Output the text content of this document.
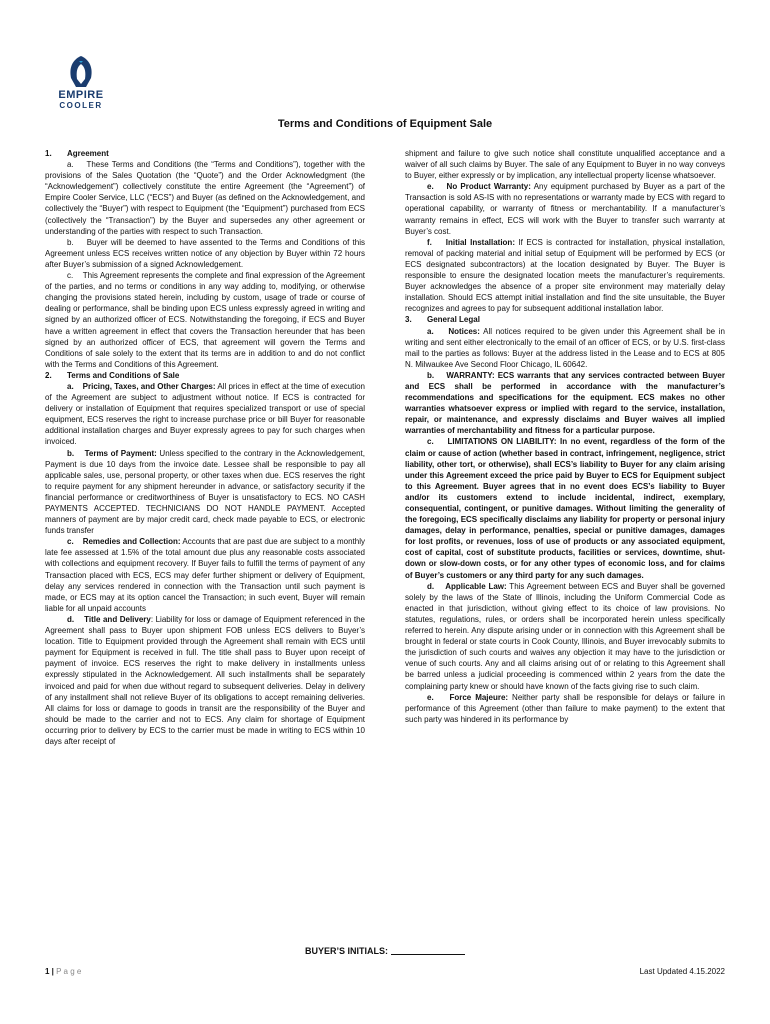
EMPIRE
COOLER
Terms and Conditions of Equipment Sale

1. Agreement

a.    These Terms and Conditions (the “Terms and Conditions”), together with the provisions of the Sales Quotation (the “Quote”) and the Order Acknowledgment (the “Acknowledgement”) collectively constitute the entire Agreement (the “Agreement”) of Empire Cooler Service, LLC (“ECS”) and Buyer (as defined on the Acknowledgement, and collectively the “Buyer”) with respect to Equipment (the “Equipment”) purchased from ECS (collectively the “Transaction”) by the Buyer and supersedes any other agreement or understanding of the parties with respect to such Transaction.

b.    Buyer will be deemed to have assented to the Terms and Conditions of this Agreement unless ECS receives written notice of any objection by Buyer within 72 hours after Buyer’s submission of a signed Acknowledgement.

c.    This Agreement represents the complete and final expression of the Agreement of the parties, and no terms or conditions in any way adding to, modifying, or otherwise changing the provisions stated herein, including by custom, usage of trade or course of dealing or performance, shall be binding upon ECS unless expressly agreed in writing and signed by an authorized officer of ECS. Notwithstanding the foregoing, if ECS and Buyer have a written agreement in effect that covers the Transaction hereunder that has been signed by an authorized officer of ECS, that agreement will govern the Terms and Conditions of sale solely to the extent that its terms are in addition to and do not conflict with the Terms and Conditions of this Agreement.

2. Terms and Conditions of Sale

a.    Pricing, Taxes, and Other Charges: All prices in effect at the time of execution of the Agreement are subject to adjustment without notice. If ECS is contracted for delivery or installation of Equipment that requires specialized transport or use of special equipment, ECS reserves the right to increase purchase price or bill Buyer for reasonable additional installation charges and Buyer expressly agrees to pay for such charges when invoiced.

b.    Terms of Payment: Unless specified to the contrary in the Acknowledgement, Payment is due 10 days from the invoice date. Lessee shall be responsible to pay all applicable sales, use, personal property, or other taxes when due. ECS reserves the right to require payment for any shipment hereunder in advance, or satisfactory security if the financial performance or creditworthiness of Buyer is unsatisfactory to ECS. NO CASH PAYMENTS ACCEPTED. TECHNICIANS DO NOT HANDLE PAYMENT. Accepted manners of payment are by major credit card, check made payable to ECS, or electronic funds transfer

c.    Remedies and Collection: Accounts that are past due are subject to a monthly late fee assessed at 1.5% of the total amount due plus any reasonable costs associated with collections and equipment recovery. If Buyer fails to fulfill the terms of payment of any Transaction placed with ECS, ECS may defer further shipment or delivery of Equipment, delay any services rendered in connection with the Transaction until such payment is made, or ECS may at its option cancel the Transaction; in such event, Buyer will remain liable for all unpaid accounts

d.    Title and Delivery: Liability for loss or damage of Equipment referenced in the Agreement shall pass to Buyer upon shipment FOB unless ECS delivers to Buyer’s location. Title to Equipment provided through the Agreement shall remain with ECS until payment for Equipment is received in full. The title shall pass to Buyer upon receipt of payment of invoice. ECS reserves the right to make delivery in installments unless expressly stipulated in the Acknowledgement. All such installments shall be separately invoiced and paid for when due without regard to subsequent deliveries. Delay in delivery of any installment shall not relieve Buyer of its obligations to accept remaining deliveries. All claims for loss or damage to goods in transit are the responsibility of the Buyer and should be made to the carrier and not to ECS. Any claim for shortage of Equipment occurring prior to delivery by ECS to the carrier must be made in writing to ECS within 10 days after receipt of

shipment and failure to give such notice shall constitute unqualified acceptance and a waiver of all such claims by Buyer. The sale of any Equipment to Buyer in no way conveys to Buyer, either expressly or by implication, any intellectual property license whatsoever.

e.    No Product Warranty: Any equipment purchased by Buyer as a part of the Transaction is sold AS-IS with no representations or warranty made by ECS with regard to operational capability, or warranty of fitness or merchantability. If a manufacturer’s warranty remains in effect, ECS will work with the Buyer to transfer such warranty at Buyer’s cost.

f.    Initial Installation: If ECS is contracted for installation, physical installation, removal of packing material and initial setup of Equipment will be performed by ECS (or ECS designated subcontractors) at the location designated by Buyer. The Buyer is responsible to ensure the designated location meets the manufacturer’s requirements. Buyer acknowledges the absence of a proper site environment may materially delay installation. Should ECS attempt initial installation and find the site unsuitable, the Buyer recognizes and agrees to pay for subsequent additional installation labor.

3. General Legal

a.    Notices: All notices required to be given under this Agreement shall be in writing and sent either electronically to the email of an officer of ECS, or by U.S. first-class mail to the parties as follows: Buyer at the address listed in the Lease and to ECS at 805 N. Milwaukee Ave Second Floor Chicago, IL 60642.

b.    WARRANTY: ECS warrants that any services contracted between Buyer and ECS shall be performed in accordance with the manufacturer’s recommendations and specifications for the equipment. ECS makes no other warranties whatsoever express or implied with regard to the service, installation, repair, or maintenance, and expressly disclaims and Buyer waives all implied warranties of merchantability and fitness for a particular purpose.

c.    LIMITATIONS ON LIABILITY: In no event, regardless of the form of the claim or cause of action (whether based in contract, infringement, negligence, strict liability, other tort, or otherwise), shall ECS’s liability to Buyer for any claim arising under this Agreement exceed the price paid by Buyer to ECS for Equipment subject to this Agreement. Buyer agrees that in no event does ECS’s liability to Buyer and/or its customers extend to include incidental, indirect, exemplary, consequential, contingent, or punitive damages. Without limiting the generality of the foregoing, ECS specifically disclaims any liability for property or personal injury damages, delay in performance, penalties, special or punitive damages, damages for lost profits, or revenues, loss of use of products or any associated equipment, cost of capital, cost of substitute products, facilities or services, downtime, shut-down or slow-down costs, or for any other types of economic loss, and for claims of Buyer’s customers or any third party for any such damages.

d.    Applicable Law: This Agreement between ECS and Buyer shall be governed solely by the laws of the State of Illinois, including the Uniform Commercial Code as enacted in that jurisdiction, without giving effect to its choice of law provisions. No statutes, regulations, rules, or orders shall be incorporated herein unless specifically referred to herein. Any dispute arising under or in connection with this Agreement shall be brought in federal or state courts in Cook County, Illinois, and Buyer irrevocably submits to the jurisdiction of such courts and waives any objection it may have to the jurisdiction or venue of such courts. Any and all claims arising out of or relating to this Agreement shall be barred unless a judicial proceeding is commenced within 2 years from the date the complaining party knew or should have known of the facts giving rise to such claim.

e.    Force Majeure: Neither party shall be responsible for delays or failure in performance of this Agreement (other than failure to make payment) to the extent that such party was hindered in its performance by

BUYER’S INITIALS:
1 | P a g e	Last Updated 4.15.2022
